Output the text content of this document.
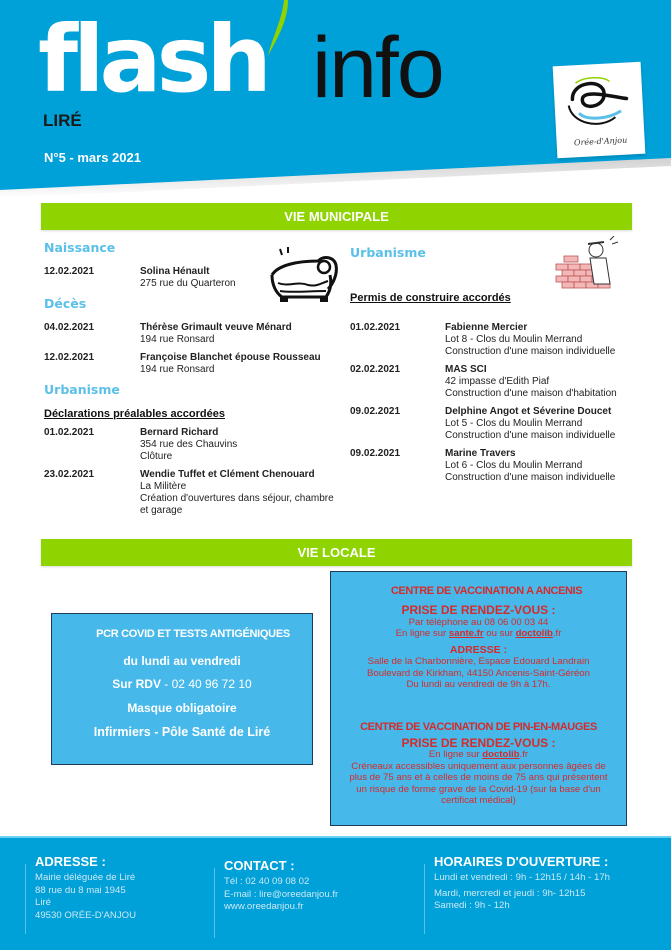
flash info
LIRÉ
N°5 - mars 2021
Orée-d'Anjou
VIE MUNICIPALE
Naissance
12.02.2021	Solina Hénault
275 rue du Quarteron
Décès
04.02.2021	Thérèse Grimault veuve Ménard
194 rue Ronsard
12.02.2021	Françoise Blanchet épouse Rousseau
194 rue Ronsard
Urbanisme
Déclarations préalables accordées
01.02.2021	Bernard Richard
354 rue des Chauvins
Clôture
23.02.2021	Wendie Tuffet et Clément Chenouard
La Militère
Création d'ouvertures dans séjour, chambre
et garage
Urbanisme
Permis de construire accordés
01.02.2021	Fabienne Mercier
Lot 8 - Clos du Moulin Merrand
Construction d'une maison individuelle
02.02.2021	MAS SCI
42 impasse d'Edith Piaf
Construction d'une maison d'habitation
09.02.2021	Delphine Angot et Séverine Doucet
Lot 5 - Clos du Moulin Merrand
Construction d'une maison individuelle
09.02.2021	Marine Travers
Lot 6 - Clos du Moulin Merrand
Construction d'une maison individuelle
VIE LOCALE
PCR COVID ET TESTS ANTIGÉNIQUES
du lundi au vendredi
Sur RDV - 02 40 96 72 10
Masque obligatoire
Infirmiers - Pôle Santé de Liré
CENTRE DE VACCINATION A ANCENIS
PRISE DE RENDEZ-VOUS :
Par téléphone au 08 06 00 03 44
En ligne sur sante.fr ou sur doctolib.fr
ADRESSE :
Salle de la Charbonnière, Espace Edouard Landrain
Boulevard de Kirkham, 44150 Ancenis-Saint-Géréon
Du lundi au vendredi de 9h à 17h.
CENTRE DE VACCINATION DE PIN-EN-MAUGES
PRISE DE RENDEZ-VOUS :
En ligne sur doctolib.fr
Créneaux accessibles uniquement aux personnes âgées de
plus de 75 ans et à celles de moins de 75 ans qui présentent
un risque de forme grave de la Covid-19 (sur la base d'un
certificat médical)
ADRESSE :
Mairie déléguée de Liré
88 rue du 8 mai 1945
Liré
49530 ORÉE-D'ANJOU
CONTACT :
Tél : 02 40 09 08 02
E-mail : lire@oreedanjou.fr
www.oreedanjou.fr
HORAIRES D'OUVERTURE :
Lundi et vendredi : 9h - 12h15 / 14h - 17h
Mardi, mercredi et jeudi : 9h- 12h15
Samedi : 9h - 12h
